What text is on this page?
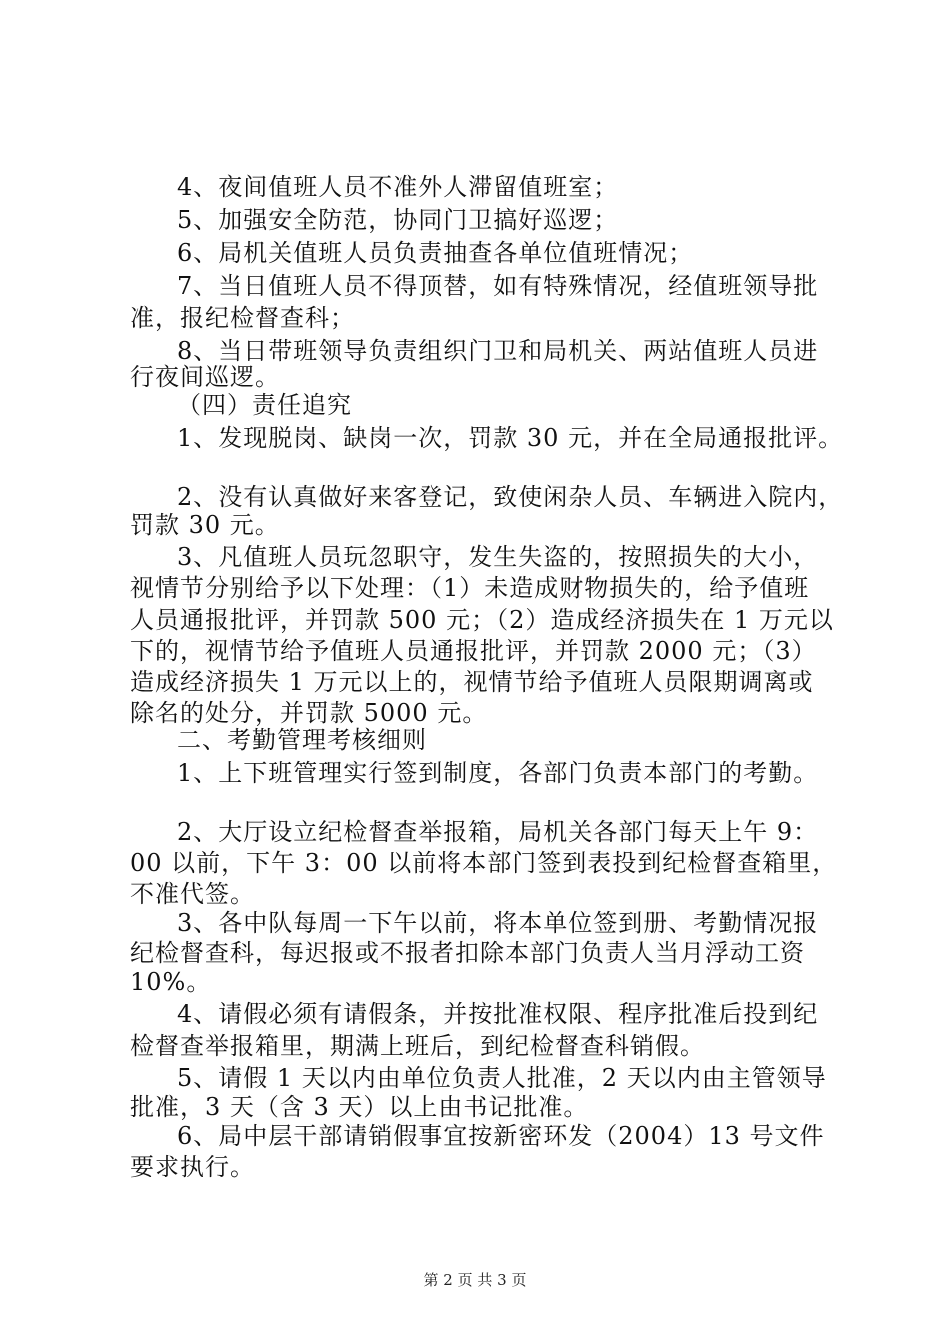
4、夜间值班人员不准外人滞留值班室；
5、加强安全防范，协同门卫搞好巡逻；
6、局机关值班人员负责抽查各单位值班情况；
7、当日值班人员不得顶替，如有特殊情况，经值班领导批
准，报纪检督查科；
8、当日带班领导负责组织门卫和局机关、两站值班人员进
行夜间巡逻。
（四）责任追究
1、发现脱岗、缺岗一次，罚款 30 元，并在全局通报批评。
2、没有认真做好来客登记，致使闲杂人员、车辆进入院内，
罚款 30 元。
3、凡值班人员玩忽职守，发生失盗的，按照损失的大小，
视情节分别给予以下处理：（1）未造成财物损失的，给予值班
人员通报批评，并罚款 500 元；（2）造成经济损失在 1 万元以
下的，视情节给予值班人员通报批评，并罚款 2000 元；（3）
造成经济损失 1 万元以上的，视情节给予值班人员限期调离或
除名的处分，并罚款 5000 元。
二、考勤管理考核细则
1、上下班管理实行签到制度，各部门负责本部门的考勤。
2、大厅设立纪检督查举报箱，局机关各部门每天上午 9：
00 以前，下午 3：00 以前将本部门签到表投到纪检督查箱里，
不准代签。
3、各中队每周一下午以前，将本单位签到册、考勤情况报
纪检督查科，每迟报或不报者扣除本部门负责人当月浮动工资
10%。
4、请假必须有请假条，并按批准权限、程序批准后投到纪
检督查举报箱里，期满上班后，到纪检督查科销假。
5、请假 1 天以内由单位负责人批准，2 天以内由主管领导
批准，3 天（含 3 天）以上由书记批准。
6、局中层干部请销假事宜按新密环发（2004）13 号文件
要求执行。
第 2 页 共 3 页
